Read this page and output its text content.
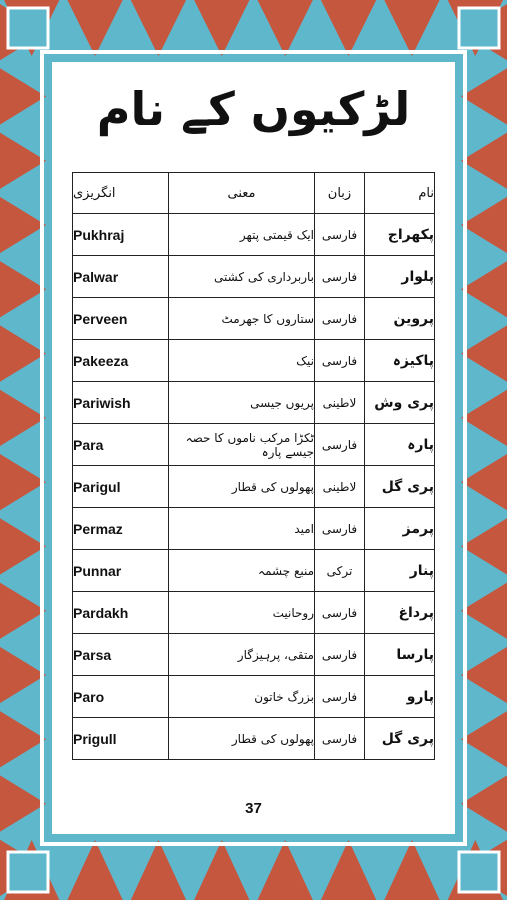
لڑکیوں کے نام
انگریزی	معنی	زبان	نام
Pukhraj	ایک قیمتی پتھر	فارسی	پکھراج
Palwar	باربرداری کی کشتی	فارسی	پلوار
Perveen	ستاروں کا جھرمٹ	فارسی	پروین
Pakeeza	نیک	فارسی	پاکیزہ
Pariwish	پریوں جیسی	لاطینی	پری وش
Para	ٹکڑا مرکب ناموں کا حصہ جیسے پارہ	فارسی	پارہ
Parigul	پھولوں کی قطار	لاطینی	پری گل
Permaz	امید	فارسی	پرمز
Punnar	منبع چشمہ	ترکی	پنار
Pardakh	روحانیت	فارسی	پرداغ
Parsa	متقی، پرہیزگار	فارسی	پارسا
Paro	بزرگ خاتون	فارسی	پارو
Prigull	پھولوں کی قطار	فارسی	پری گل
37
